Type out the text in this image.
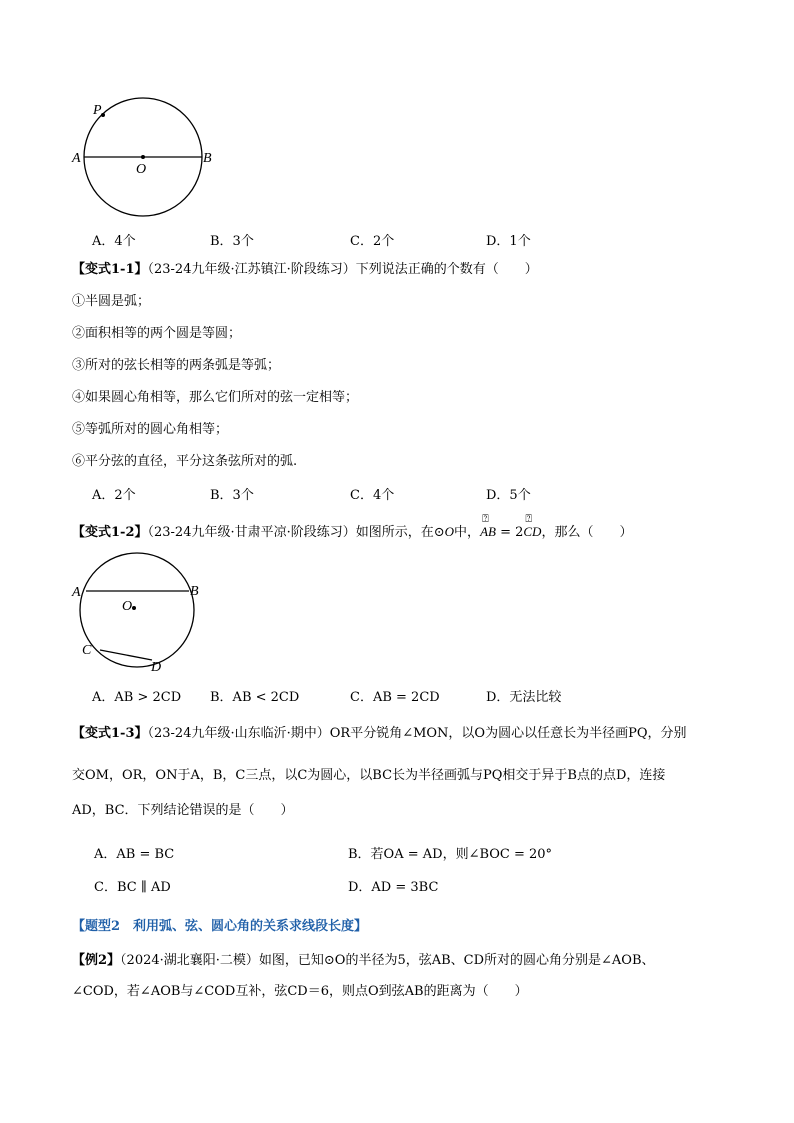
P
A	B
O
A．4个	B．3个	C．2个	D．1个
【变式1-1】（23-24九年级·江苏镇江·阶段练习）下列说法正确的个数有（　　）
①半圆是弧；
②面积相等的两个圆是等圆；
③所对的弦长相等的两条弧是等弧；
④如果圆心角相等，那么它们所对的弦一定相等；
⑤等弧所对的圆心角相等；
⑥平分弦的直径，平分这条弦所对的弧.
A．2个	B．3个	C．4个	D．5个
【变式1-2】（23-24九年级·甘肃平凉·阶段练习）如图所示，在⊙O中，⍰ AB = 2⍰ CD，那么（　　）
A	B
O
C
D
A．AB > 2CD B．AB < 2CD	C．AB = 2CD	D．无法比较
【变式1-3】（23-24九年级·山东临沂·期中）OR平分锐角∠MON，以O为圆心以任意长为半径画PQ，分别
交OM，OR，ON于A，B，C三点，以C为圆心，以BC长为半径画弧与PQ相交于异于B点的点D，连接
AD，BC．下列结论错误的是（　　）
A．AB = BC	B．若OA = AD，则∠BOC = 20°
C．BC ∥ AD	D．AD = 3BC
【题型2　利用弧、弦、圆心角的关系求线段长度】
【例2】（2024·湖北襄阳·二模）如图，已知⊙O的半径为5，弦AB、CD所对的圆心角分别是∠AOB、
∠COD，若∠AOB与∠COD互补，弦CD＝6，则点O到弦AB的距离为（　　）
